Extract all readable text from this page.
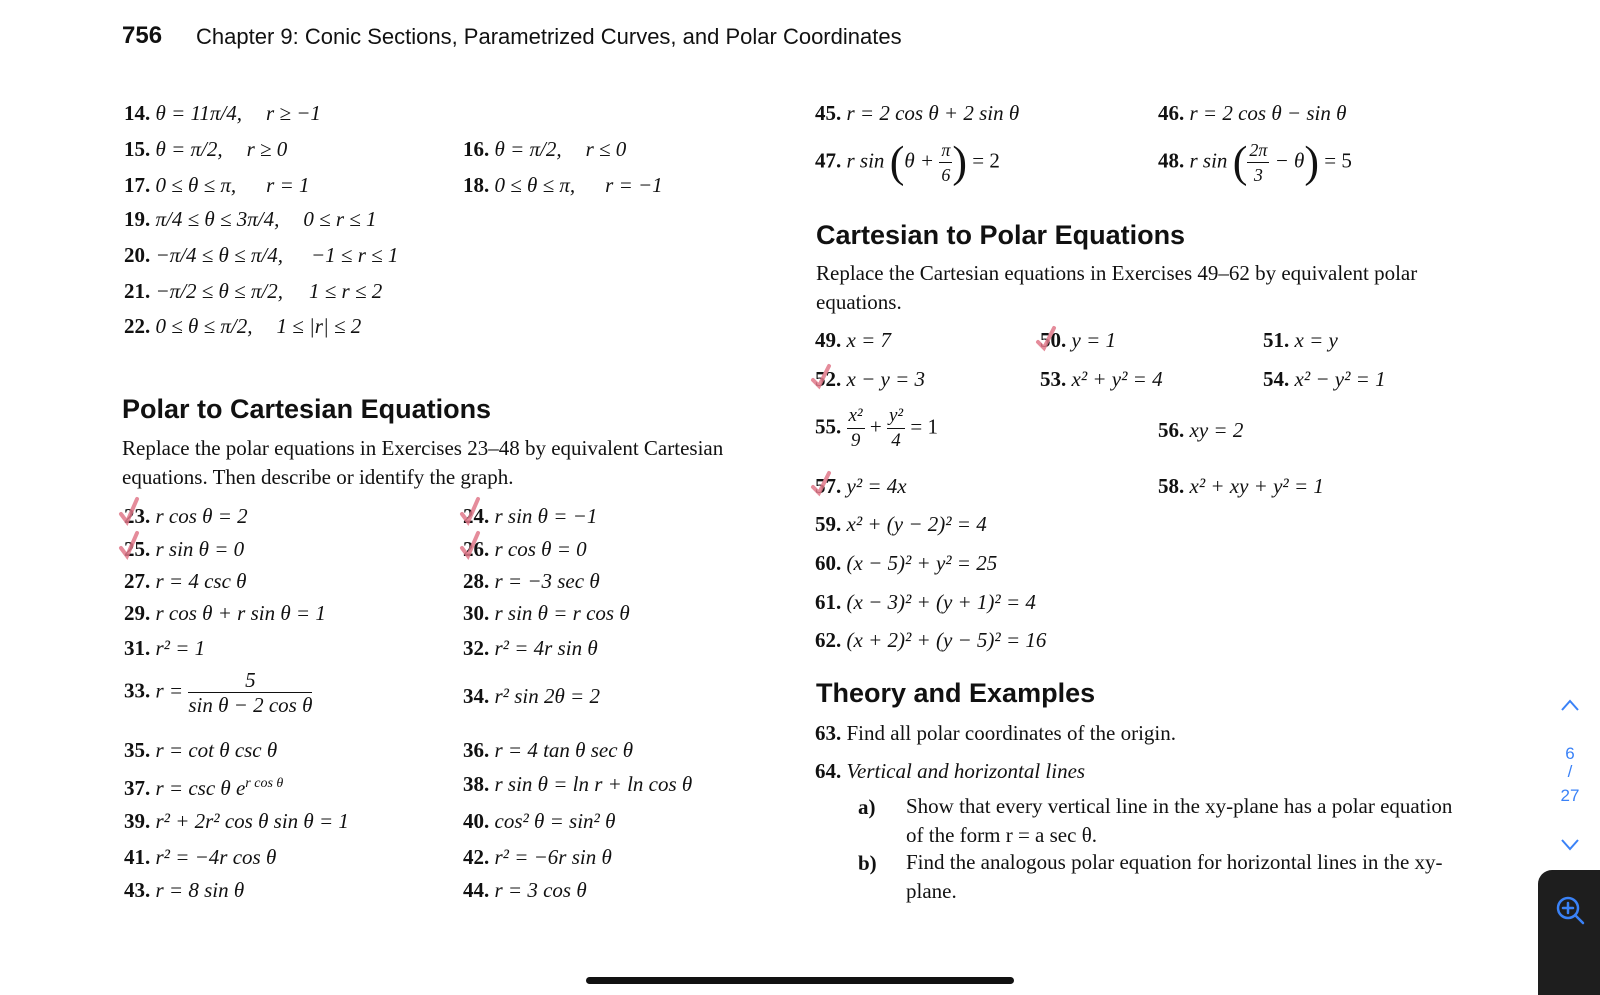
756 Chapter 9: Conic Sections, Parametrized Curves, and Polar Coordinates
14. θ = 11π/4, r ≥ −1
15. θ = π/2, r ≥ 0	16. θ = π/2, r ≤ 0
17. 0 ≤ θ ≤ π, r = 1	18. 0 ≤ θ ≤ π, r = −1
19. π/4 ≤ θ ≤ 3π/4, 0 ≤ r ≤ 1
20. −π/4 ≤ θ ≤ π/4, −1 ≤ r ≤ 1
21. −π/2 ≤ θ ≤ π/2, 1 ≤ r ≤ 2
22. 0 ≤ θ ≤ π/2, 1 ≤ |r| ≤ 2
Polar to Cartesian Equations
Replace the polar equations in Exercises 23–48 by equivalent Cartesian equations. Then describe or identify the graph.
23. r cos θ = 2	24. r sin θ = −1
25. r sin θ = 0	26. r cos θ = 0
27. r = 4 csc θ	28. r = −3 sec θ
29. r cos θ + r sin θ = 1	30. r sin θ = r cos θ
31. r² = 1	32. r² = 4r sin θ
33. $r = \frac{5}{\text{sin θ − 2 cos θ}}$	34. r² sin 2θ = 2
35. r = cot θ csc θ	36. r = 4 tan θ sec θ
37. r = csc θ $e^{r cos \theta}$	38. r sin θ = ln r + ln cos θ
39. r² + 2r² cos θ sin θ = 1	40. cos² θ = sin² θ
41. r² = −4r cos θ	42. r² = −6r sin θ
43. r = 8 sin θ	44. r = 3 cos θ
45. r = 2 cos θ + 2 sin θ	46. r = 2 cos θ − sin θ
47. r $\sin (\theta + \frac{\pi}{6}$ ) = 2	48. r sin ( $\frac{2\pi}{3} - \theta) = 5$
Cartesian to Polar Equations
Replace the Cartesian equations in Exercises 49–62 by equivalent polar equations.
49. x = 7	50. y = 1	51. x = y
52. x − y = 3	53. x² + y² = 4	54. x² − y² = 1
55. $\frac{\text{x²}}{9} + \frac{\text{y²}}{4} = 1$	56. xy = 2
57. y² = 4x	58. x² + xy + y² = 1
59. x² + (y − 2)² = 4
60. (x − 5)² + y² = 25
61. (x − 3)² + (y + 1)² = 4
62. (x + 2)² + (y − 5)² = 16
Theory and Examples
63. Find all polar coordinates of the origin.
64. Vertical and horizontal lines
a) Show that every vertical line in the xy-plane has a polar equation of the form r = a sec θ.
b) Find the analogous polar equation for horizontal lines in the xy-plane.
6
/
27
